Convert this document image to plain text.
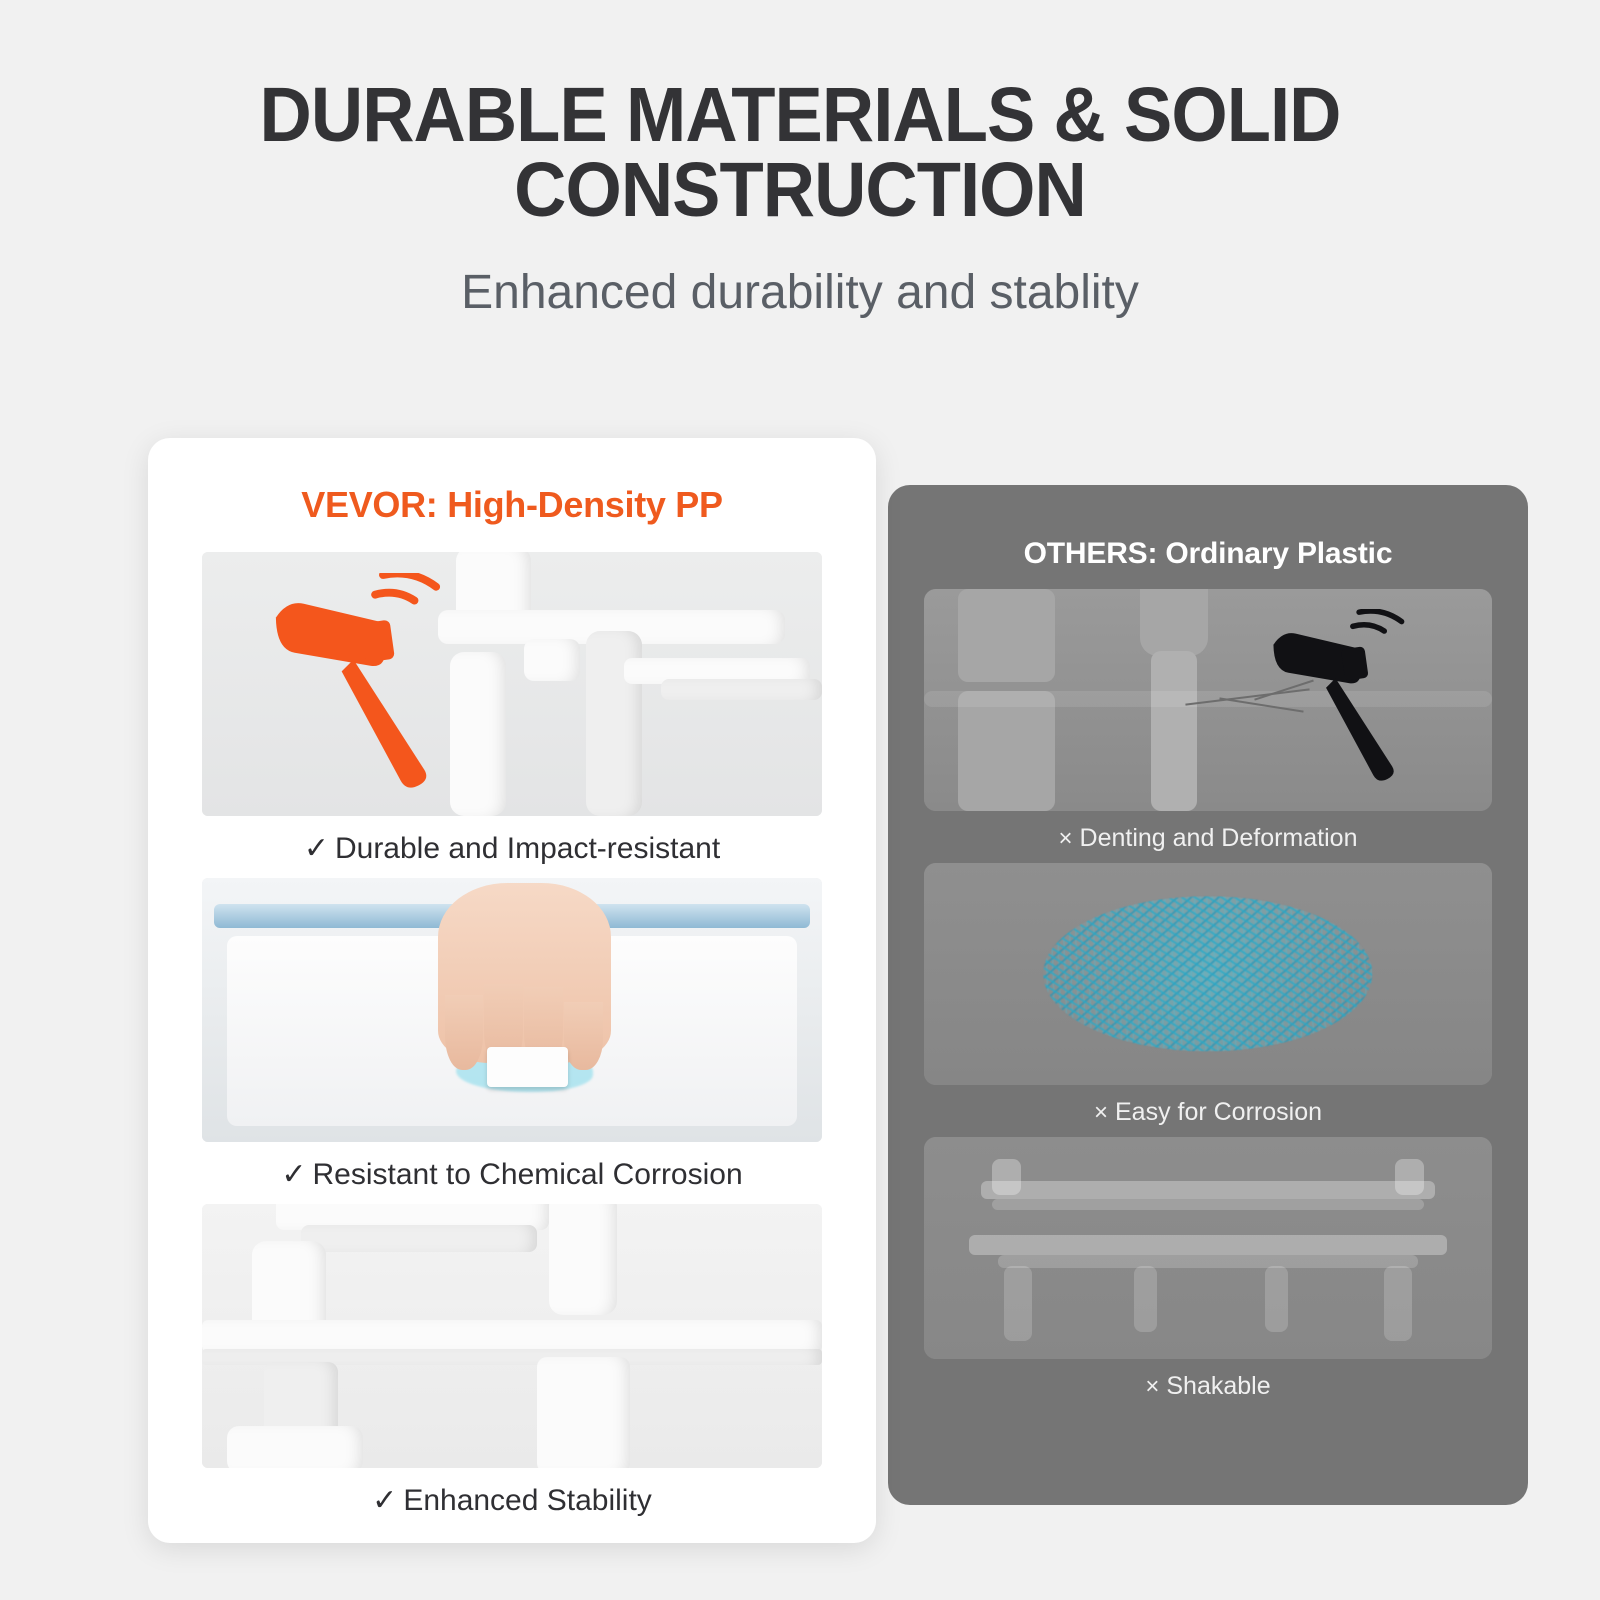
DURABLE MATERIALS & SOLID
CONSTRUCTION
Enhanced durability and stablity
OTHERS: Ordinary Plastic
× Denting and Deformation
× Easy for Corrosion
× Shakable
VEVOR: High-Density PP
✓ Durable and Impact-resistant
✓ Resistant to Chemical Corrosion
✓ Enhanced Stability
